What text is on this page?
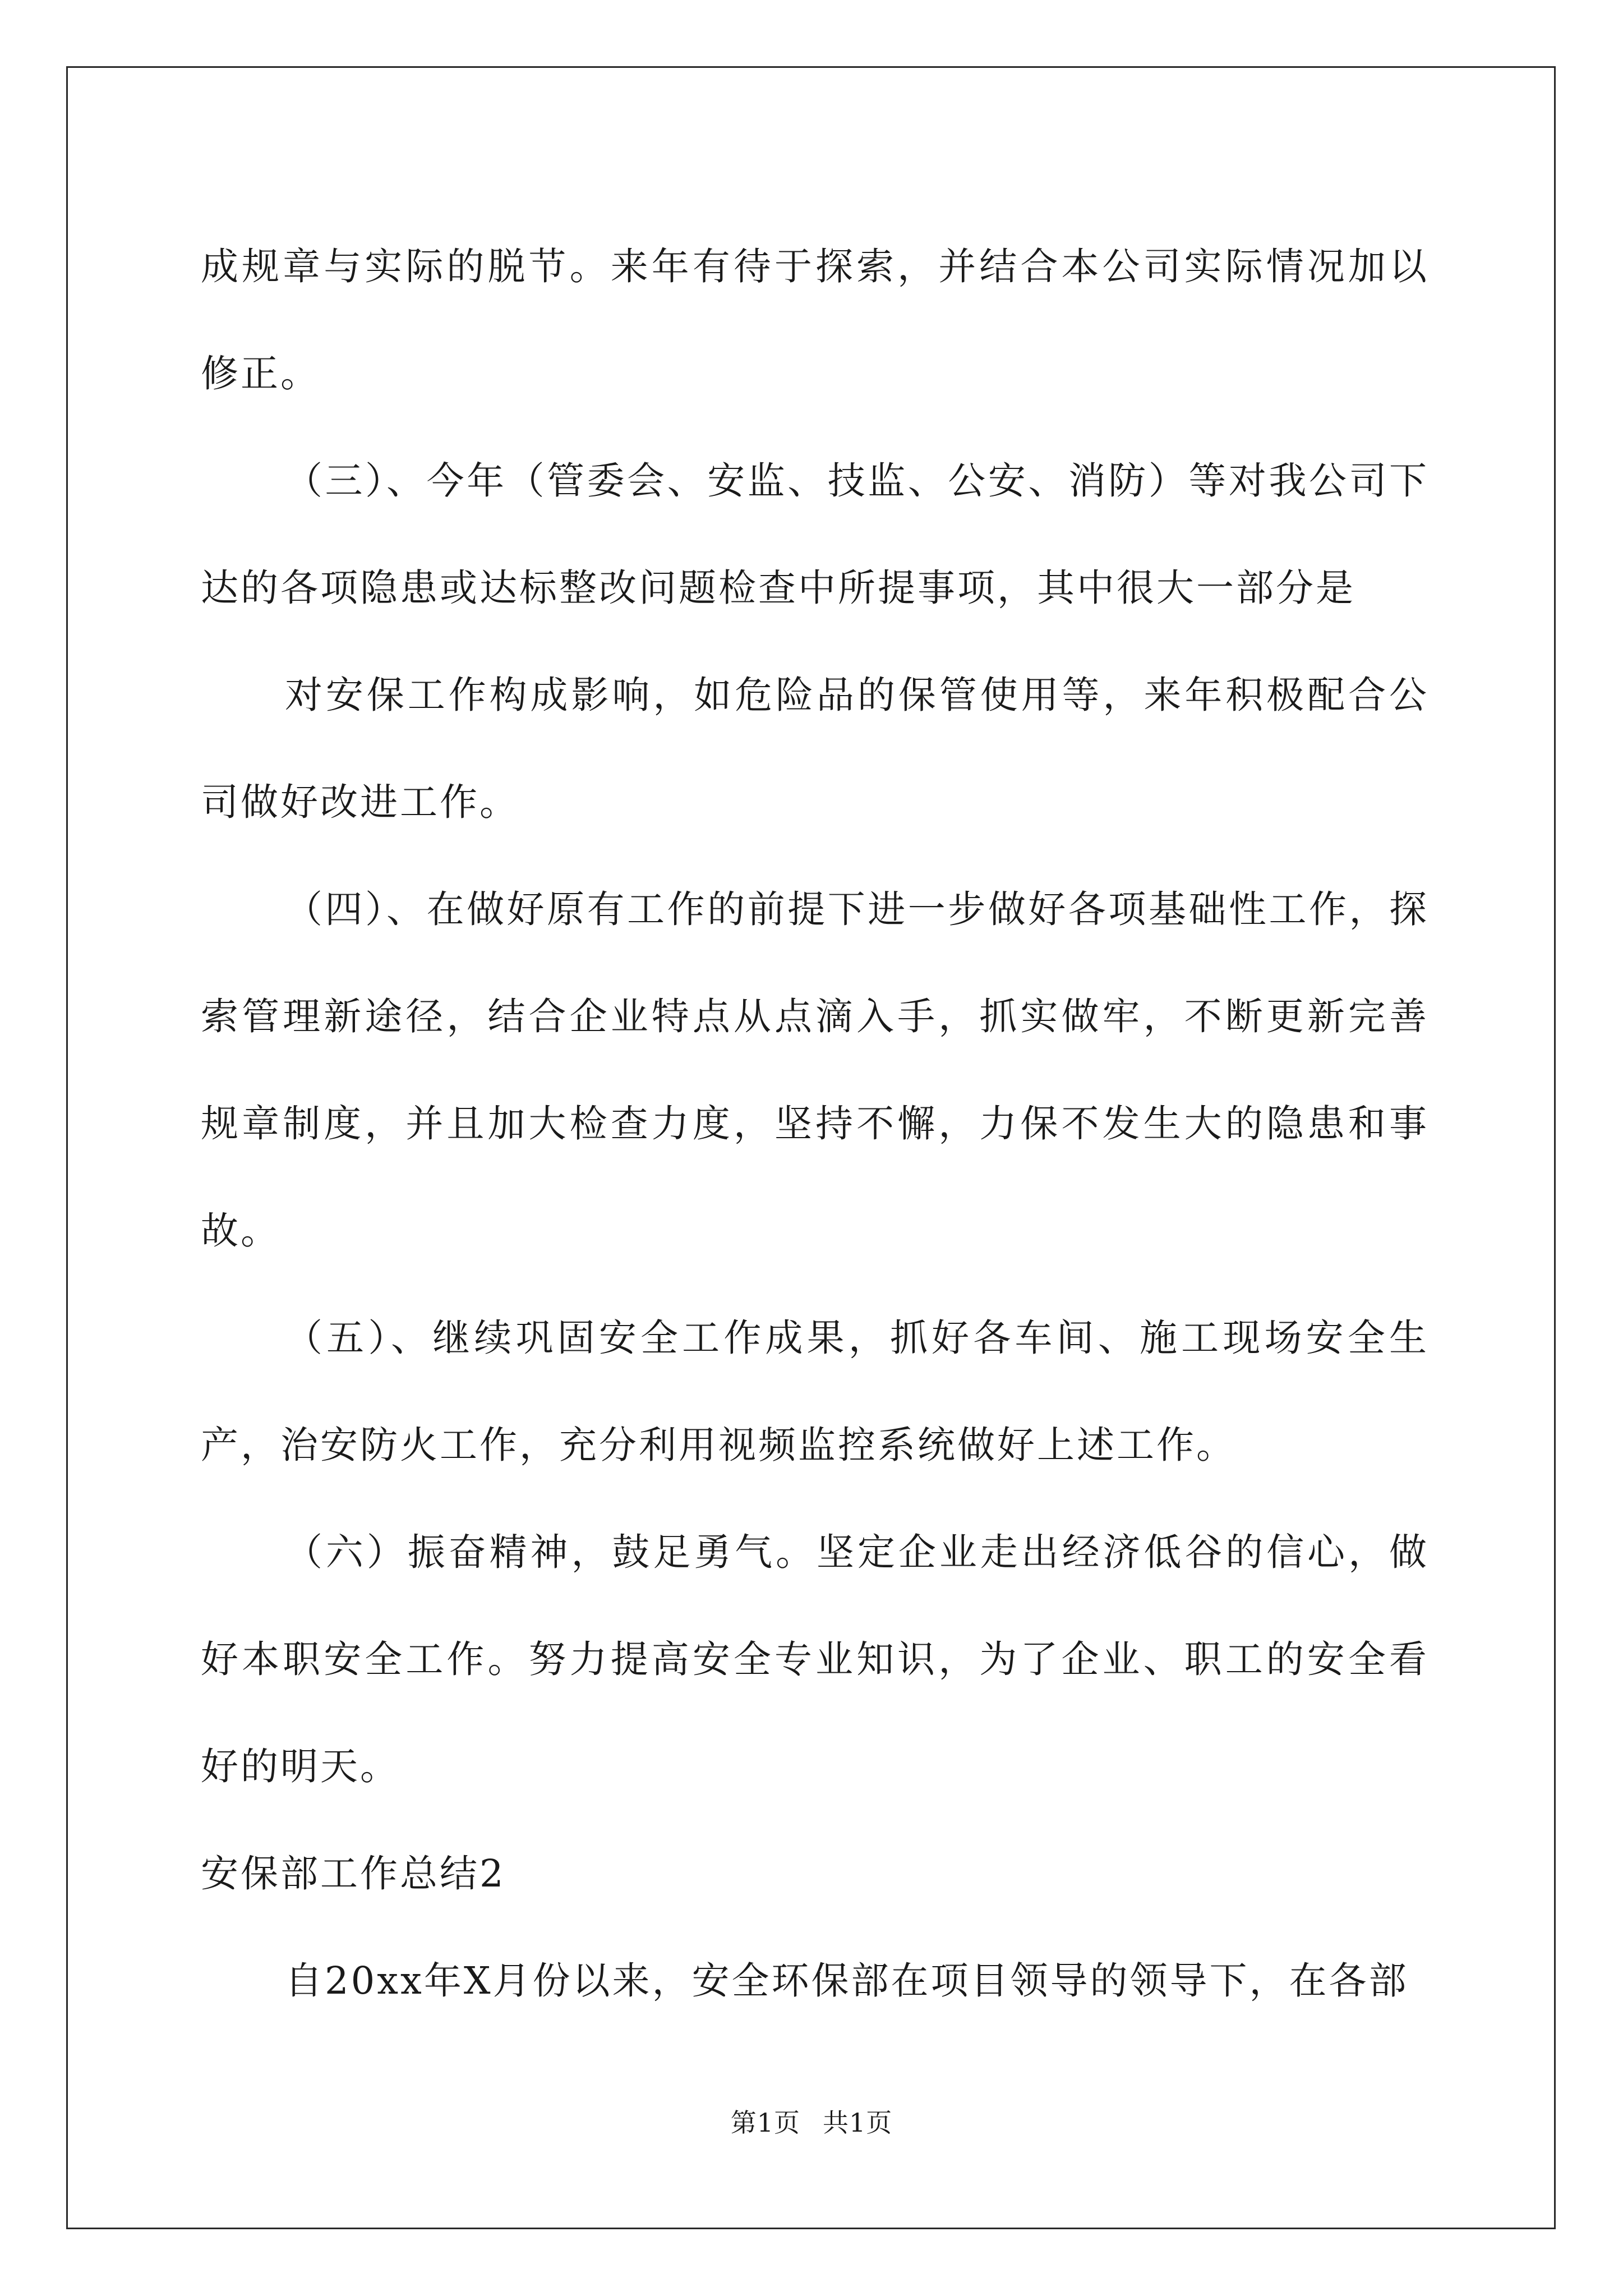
成规章与实际的脱节。来年有待于探索，并结合本公司实际情况加以修正。

（三）、今年（管委会、安监、技监、公安、消防）等对我公司下达的各项隐患或达标整改问题检查中所提事项，其中很大一部分是

对安保工作构成影响，如危险品的保管使用等，来年积极配合公司做好改进工作。

（四）、在做好原有工作的前提下进一步做好各项基础性工作，探索管理新途径，结合企业特点从点滴入手，抓实做牢，不断更新完善规章制度，并且加大检查力度，坚持不懈，力保不发生大的隐患和事故。

（五）、继续巩固安全工作成果，抓好各车间、施工现场安全生产，治安防火工作，充分利用视频监控系统做好上述工作。

（六）振奋精神，鼓足勇气。坚定企业走出经济低谷的信心，做好本职安全工作。努力提高安全专业知识，为了企业、职工的安全看好的明天。

安保部工作总结2

自20xx年X月份以来，安全环保部在项目领导的领导下，在各部

第1页 共1页
